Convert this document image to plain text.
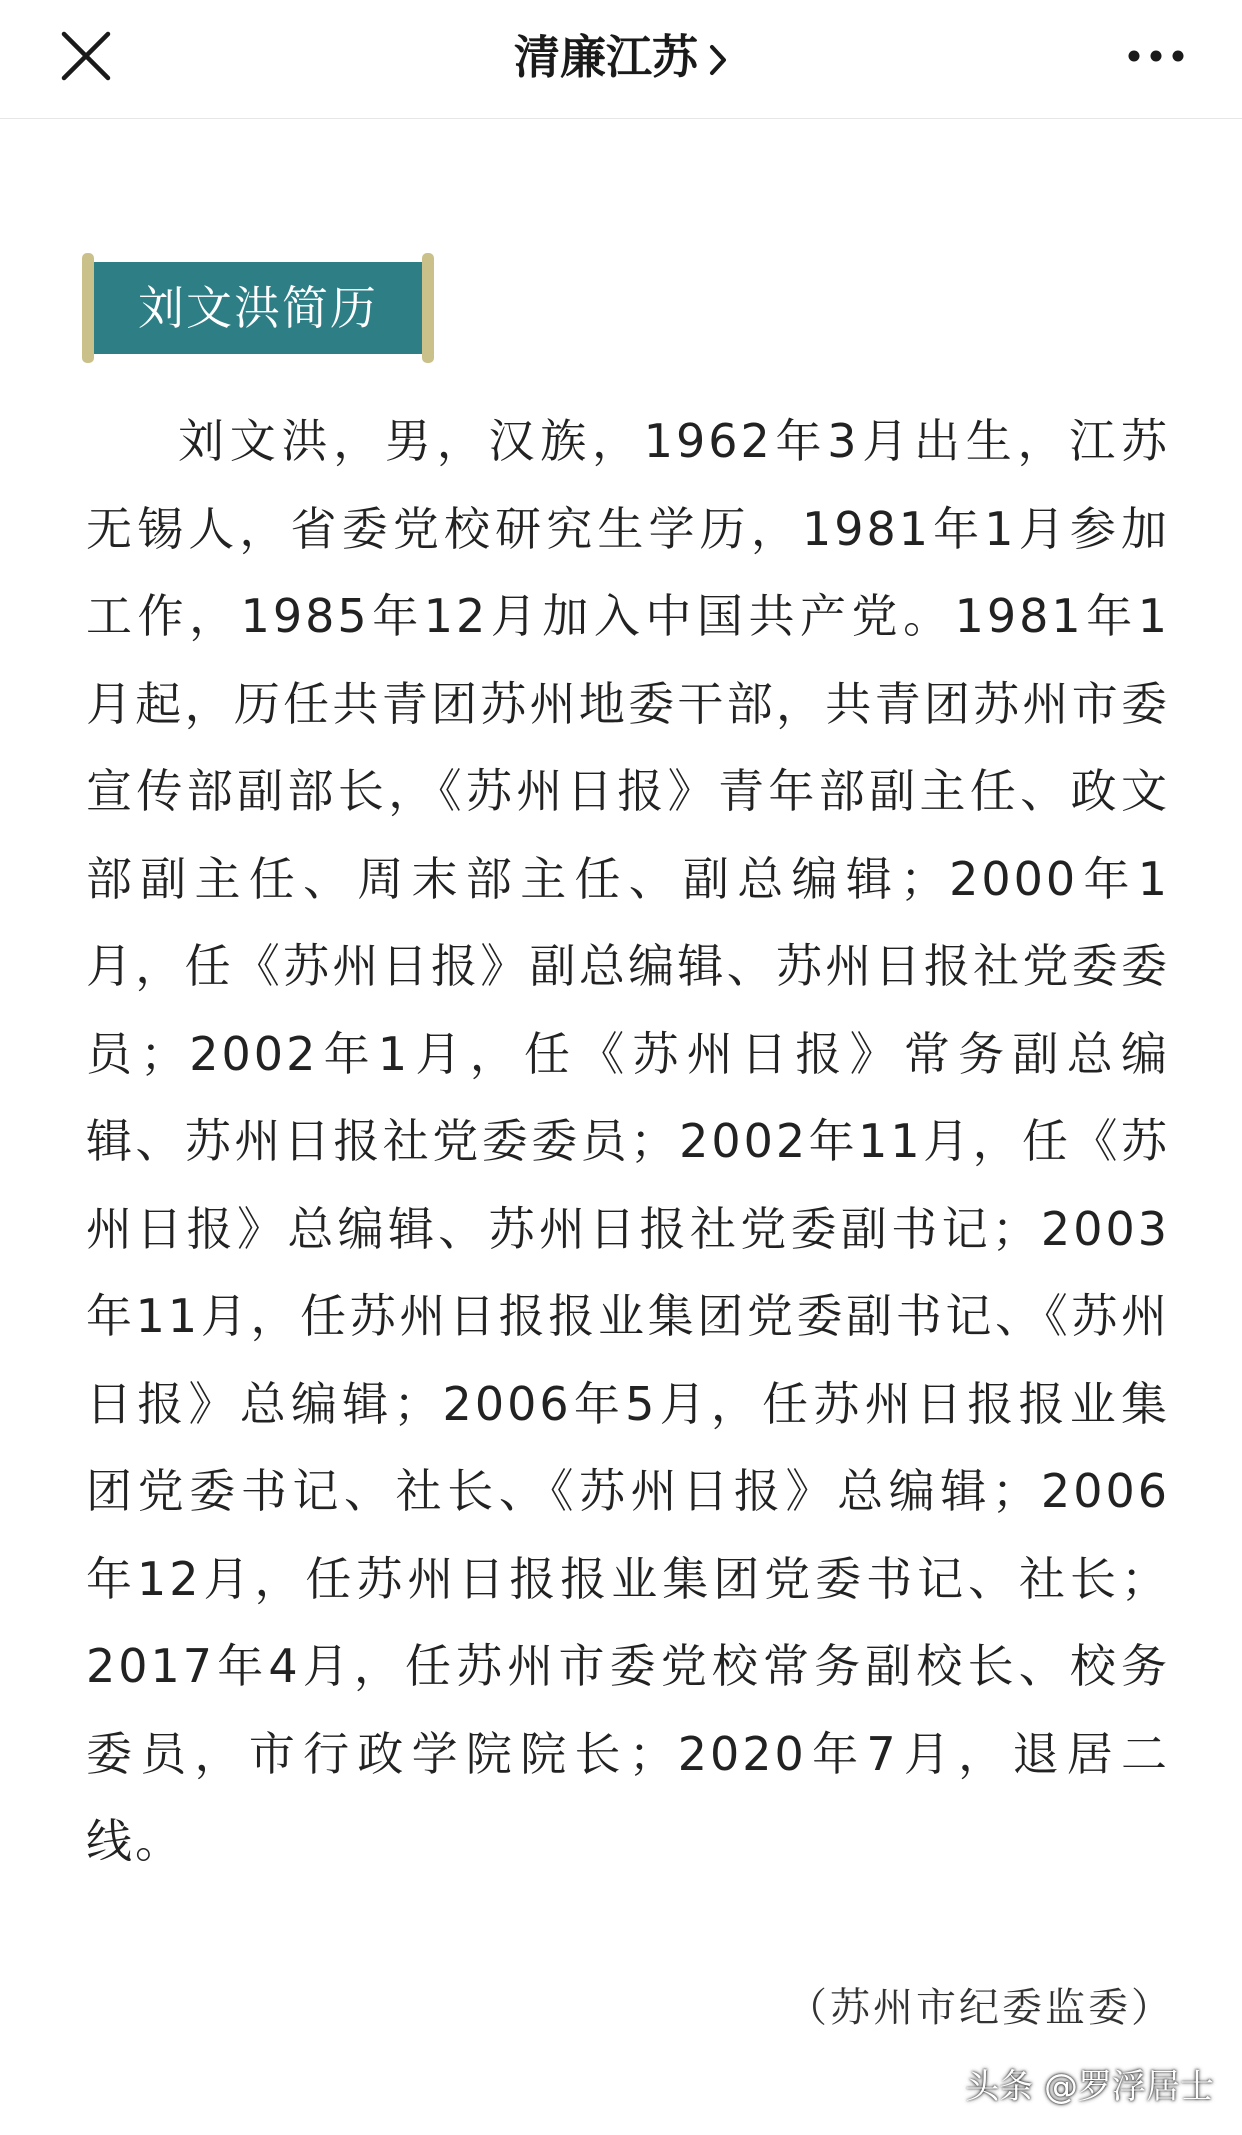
清廉江苏
刘文洪简历

刘文洪，男，汉族，1962年3月出生，江苏无锡人，省委党校研究生学历，1981年1月参加工作，1985年12月加入中国共产党。1981年1月起，历任共青团苏州地委干部，共青团苏州市委宣传部副部长，《苏州日报》青年部副主任、政文部副主任、周末部主任、副总编辑；2000年1月，任《苏州日报》副总编辑、苏州日报社党委委员；2002年1月，任《苏州日报》常务副总编辑、苏州日报社党委委员；2002年11月，任《苏州日报》总编辑、苏州日报社党委副书记；2003年11月，任苏州日报报业集团党委副书记、《苏州日报》总编辑；2006年5月，任苏州日报报业集团党委书记、社长、《苏州日报》总编辑；2006年12月，任苏州日报报业集团党委书记、社长；2017年4月，任苏州市委党校常务副校长、校务委员，市行政学院院长；2020年7月，退居二线。

（苏州市纪委监委）
头条 @罗浮居士
